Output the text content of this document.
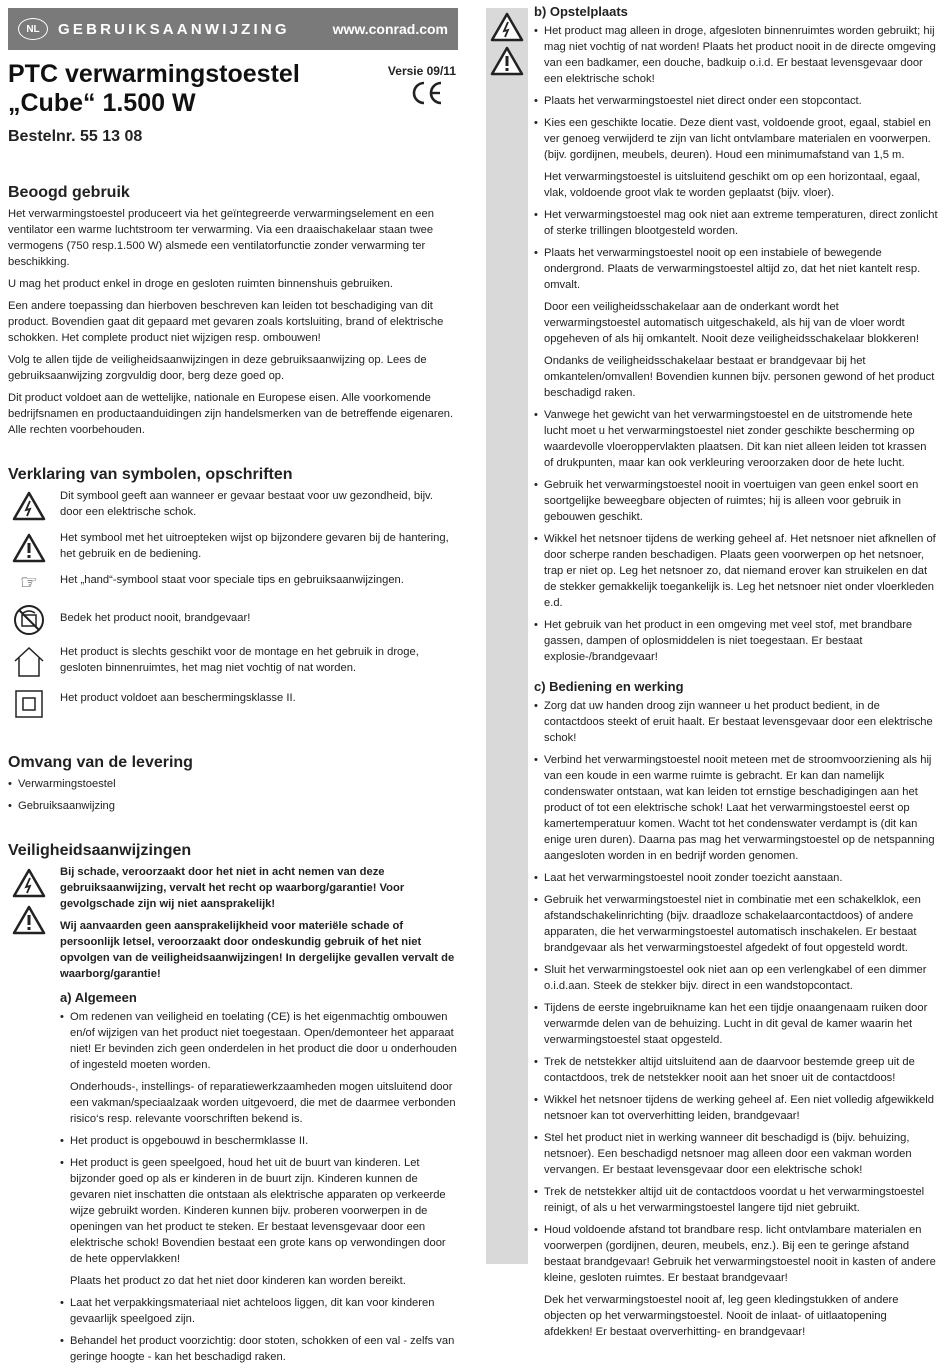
NL	GEBRUIKSAANWIJZING	www.conrad.com
Versie 09/11
PTC verwarmingstoestel
„Cube“ 1.500 W
Bestelnr. 55 13 08
Beoogd gebruik

Het verwarmingstoestel produceert via het geïntegreerde verwarmingselement en een ventilator een warme luchtstroom ter verwarming. Via een draaischakelaar staan twee vermogens (750 resp.1.500 W) alsmede een ventilatorfunctie zonder verwarming ter beschikking.

U mag het product enkel in droge en gesloten ruimten binnenshuis gebruiken.

Een andere toepassing dan hierboven beschreven kan leiden tot beschadiging van dit product. Bovendien gaat dit gepaard met gevaren zoals kortsluiting, brand of elektrische schokken. Het complete product niet wijzigen resp. ombouwen!

Volg te allen tijde de veiligheidsaanwijzingen in deze gebruiksaanwijzing op. Lees de gebruiksaanwijzing zorgvuldig door, berg deze goed op.

Dit product voldoet aan de wettelijke, nationale en Europese eisen. Alle voorkomende bedrijfsnamen en productaanduidingen zijn handelsmerken van de betreffende eigenaren. Alle rechten voorbehouden.

Verklaring van symbolen, opschriften

Dit symbool geeft aan wanneer er gevaar bestaat voor uw gezondheid, bijv. door een elektrische schok.

Het symbool met het uitroepteken wijst op bijzondere gevaren bij de hantering, het gebruik en de bediening.

☞	Het „hand“-symbool staat voor speciale tips en gebruiksaanwijzingen.

Bedek het product nooit, brandgevaar!

Het product is slechts geschikt voor de montage en het gebruik in droge, gesloten binnenruimtes, het mag niet vochtig of nat worden.

Het product voldoet aan beschermingsklasse II.

Omvang van de levering
• Verwarmingstoestel
• Gebruiksaanwijzing
Veiligheidsaanwijzingen

Bij schade, veroorzaakt door het niet in acht nemen van deze gebruiksaanwijzing, vervalt het recht op waarborg/garantie! Voor gevolgschade zijn wij niet aansprakelijk!

Wij aanvaarden geen aansprakelijkheid voor materiële schade of persoonlijk letsel, veroorzaakt door ondeskundig gebruik of het niet opvolgen van de veiligheidsaanwijzingen! In dergelijke gevallen vervalt de waarborg/garantie!

a) Algemeen
• Om redenen van veiligheid en toelating (CE) is het eigenmachtig ombouwen en/of wijzigen van het product niet toegestaan. Open/demonteer het apparaat niet! Er bevinden zich geen onderdelen in het product die door u onderhouden of ingesteld moeten worden.

Onderhouds-, instellings- of reparatiewerkzaamheden mogen uitsluitend door een vakman/speciaalzaak worden uitgevoerd, die met de daarmee verbonden risico‘s resp. relevante voorschriften bekend is.
• Het product is opgebouwd in beschermklasse II.
• Het product is geen speelgoed, houd het uit de buurt van kinderen. Let bijzonder goed op als er kinderen in de buurt zijn. Kinderen kunnen de gevaren niet inschatten die ontstaan als elektrische apparaten op verkeerde wijze gebruikt worden. Kinderen kunnen bijv. proberen voorwerpen in de openingen van het product te steken. Er bestaat levensgevaar door een elektrische schok! Bovendien bestaat een grote kans op verwondingen door de hete oppervlakken!
Plaats het product zo dat het niet door kinderen kan worden bereikt.
• Laat het verpakkingsmateriaal niet achteloos liggen, dit kan voor kinderen gevaarlijk speelgoed zijn.
• Behandel het product voorzichtig: door stoten, schokken of een val - zelfs van geringe hoogte - kan het beschadigd raken.
b) Opstelplaats
• Het product mag alleen in droge, afgesloten binnenruimtes worden gebruikt; hij mag niet vochtig of nat worden! Plaats het product nooit in de directe omgeving van een badkamer, een douche, badkuip o.i.d. Er bestaat levensgevaar door een elektrische schok!
• Plaats het verwarmingstoestel niet direct onder een stopcontact.
• Kies een geschikte locatie. Deze dient vast, voldoende groot, egaal, stabiel en ver genoeg verwijderd te zijn van licht ontvlambare materialen en voorwerpen. (bijv. gordijnen, meubels, deuren). Houd een minimumafstand van 1,5 m.
Het verwarmingstoestel is uitsluitend geschikt om op een horizontaal, egaal, vlak, voldoende groot vlak te worden geplaatst (bijv. vloer).
• Het verwarmingstoestel mag ook niet aan extreme temperaturen, direct zonlicht of sterke trillingen blootgesteld worden.
• Plaats het verwarmingstoestel nooit op een instabiele of bewegende ondergrond. Plaats de verwarmingstoestel altijd zo, dat het niet kantelt resp. omvalt.
Door een veiligheidsschakelaar aan de onderkant wordt het verwarmingstoestel automatisch uitgeschakeld, als hij van de vloer wordt opgeheven of als hij omkantelt. Nooit deze veiligheidsschakelaar blokkeren!
Ondanks de veiligheidsschakelaar bestaat er brandgevaar bij het omkantelen/omvallen! Bovendien kunnen bijv. personen gewond of het product beschadigd raken.
• Vanwege het gewicht van het verwarmingstoestel en de uitstromende hete lucht moet u het verwarmingstoestel niet zonder geschikte bescherming op waardevolle vloeroppervlakten plaatsen. Dit kan niet alleen leiden tot krassen of drukpunten, maar kan ook verkleuring veroorzaken door de hete lucht.
• Gebruik het verwarmingstoestel nooit in voertuigen van geen enkel soort en soortgelijke beweegbare objecten of ruimtes; hij is alleen voor gebruik in gebouwen geschikt.
• Wikkel het netsnoer tijdens de werking geheel af. Het netsnoer niet afknellen of door scherpe randen beschadigen. Plaats geen voorwerpen op het netsnoer, trap er niet op. Leg het netsnoer zo, dat niemand erover kan struikelen en dat de stekker gemakkelijk toegankelijk is. Leg het netsnoer niet onder vloerkleden e.d.
• Het gebruik van het product in een omgeving met veel stof, met brandbare gassen, dampen of oplosmiddelen is niet toegestaan. Er bestaat explosie-/brandgevaar!
c) Bediening en werking
• Zorg dat uw handen droog zijn wanneer u het product bedient, in de contactdoos steekt of eruit haalt. Er bestaat levensgevaar door een elektrische schok!
• Verbind het verwarmingstoestel nooit meteen met de stroomvoorziening als hij van een koude in een warme ruimte is gebracht. Er kan dan namelijk condenswater ontstaan, wat kan leiden tot ernstige beschadigingen aan het product of tot een elektrische schok! Laat het verwarmingstoestel eerst op kamertemperatuur komen. Wacht tot het condenswater verdampt is (dit kan enige uren duren). Daarna pas mag het verwarmingstoestel op de netspanning aangesloten worden in en bedrijf worden genomen.
• Laat het verwarmingstoestel nooit zonder toezicht aanstaan.
• Gebruik het verwarmingstoestel niet in combinatie met een schakelklok, een afstandschakelinrichting (bijv. draadloze schakelaarcontactdoos) of andere apparaten, die het verwarmingstoestel automatisch inschakelen. Er bestaat brandgevaar als het verwarmingstoestel afgedekt of fout opgesteld wordt.
• Sluit het verwarmingstoestel ook niet aan op een verlengkabel of een dimmer o.i.d.aan. Steek de stekker bijv. direct in een wandstopcontact.
• Tijdens de eerste ingebruikname kan het een tijdje onaangenaam ruiken door verwarmde delen van de behuizing. Lucht in dit geval de kamer waarin het verwarmingstoestel staat opgesteld.
• Trek de netstekker altijd uitsluitend aan de daarvoor bestemde greep uit de contactdoos, trek de netstekker nooit aan het snoer uit de contactdoos!
• Wikkel het netsnoer tijdens de werking geheel af. Een niet volledig afgewikkeld netsnoer kan tot oververhitting leiden, brandgevaar!
• Stel het product niet in werking wanneer dit beschadigd is (bijv. behuizing, netsnoer). Een beschadigd netsnoer mag alleen door een vakman worden vervangen. Er bestaat levensgevaar door een elektrische schok!
• Trek de netstekker altijd uit de contactdoos voordat u het verwarmingstoestel reinigt, of als u het verwarmingstoestel langere tijd niet gebruikt.
• Houd voldoende afstand tot brandbare resp. licht ontvlambare materialen en voorwerpen (gordijnen, deuren, meubels, enz.). Bij een te geringe afstand bestaat brandgevaar! Gebruik het verwarmingstoestel nooit in kasten of andere kleine, gesloten ruimtes. Er bestaat brandgevaar!
Dek het verwarmingstoestel nooit af, leg geen kledingstukken of andere objecten op het verwarmingstoestel. Nooit de inlaat- of uitlaatopening afdekken! Er bestaat oververhitting- en brandgevaar!
